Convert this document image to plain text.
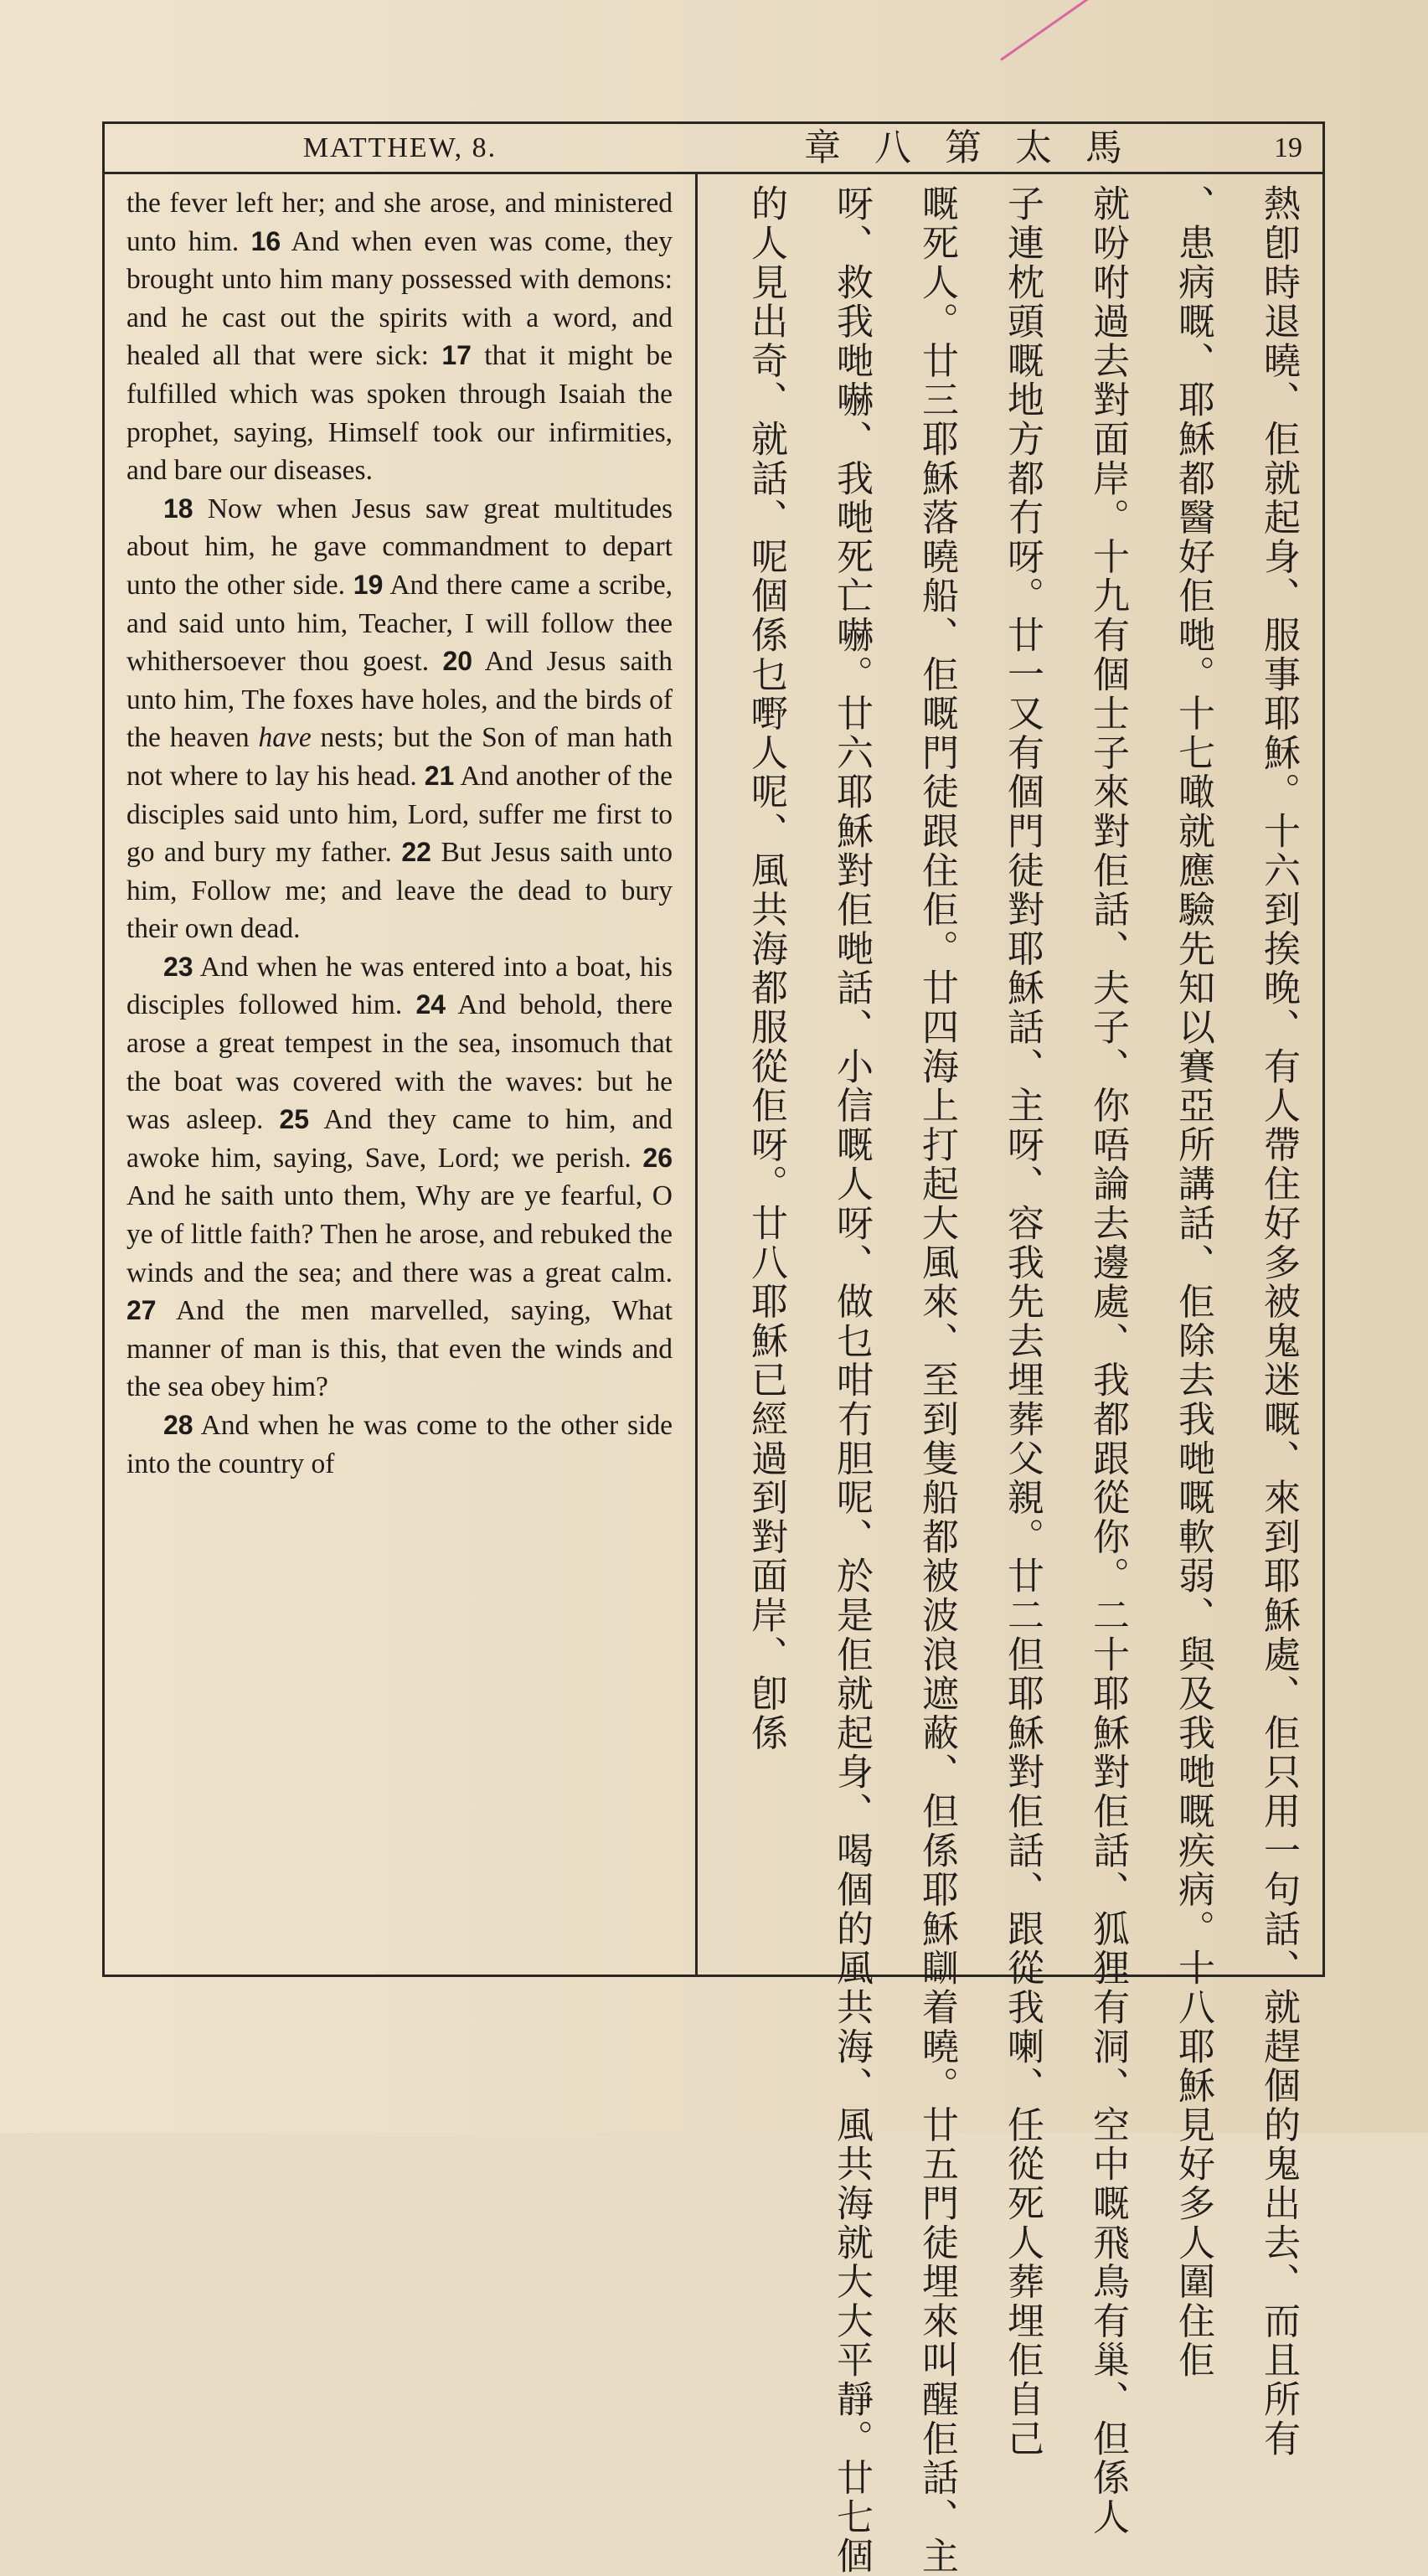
MATTHEW, 8.	章八第太馬	19

the fever left her; and she arose, and ministered unto him. 16 And when even was come, they brought unto him many possessed with demons: and he cast out the spirits with a word, and healed all that were sick: 17 that it might be fulfilled which was spoken through Isaiah the prophet, saying, Himself took our infirmities, and bare our diseases.

18 Now when Jesus saw great multitudes about him, he gave commandment to depart unto the other side. 19 And there came a scribe, and said unto him, Teacher, I will follow thee whithersoever thou goest. 20 And Jesus saith unto him, The foxes have holes, and the birds of the heaven have nests; but the Son of man hath not where to lay his head. 21 And another of the disciples said unto him, Lord, suffer me first to go and bury my father. 22 But Jesus saith unto him, Follow me; and leave the dead to bury their own dead.

23 And when he was entered into a boat, his disciples followed him. 24 And behold, there arose a great tempest in the sea, insomuch that the boat was covered with the waves: but he was asleep. 25 And they came to him, and awoke him, saying, Save, Lord; we perish. 26 And he saith unto them, Why are ye fearful, O ye of little faith? Then he arose, and rebuked the winds and the sea; and there was a great calm. 27 And the men marvelled, saying, What manner of man is this, that even the winds and the sea obey him?

28 And when he was come to the other side into the country of	熱卽時退曉、佢就起身、服事耶穌。十六到挨晚、有人帶住好多被鬼迷嘅、來到耶穌處、佢只用一句話、就趕個的鬼出去、而且所有
患病嘅、耶穌都醫好佢哋。十七噉就應驗先知以賽亞所講話、佢除去我哋嘅軟弱、與及我哋嘅疾病。十八耶穌見好多人圍住佢、
就吩咐過去對面岸。十九有個士子來對佢話、夫子、你唔論去邊處、我都跟從你。二十耶穌對佢話、狐狸有洞、空中嘅飛鳥有巢、但係人
子連枕頭嘅地方都冇呀。廿一又有個門徒對耶穌話、主呀、容我先去埋葬父親。廿二但耶穌對佢話、跟從我喇、任從死人葬埋佢自己
嘅死人。廿三耶穌落曉船、佢嘅門徒跟住佢。廿四海上打起大風來、至到隻船都被波浪遮蔽、但係耶穌瞓着曉。廿五門徒埋來叫醒佢話、主
呀、救我哋嚇、我哋死亡嚇。廿六耶穌對佢哋話、小信嘅人呀、做乜咁冇胆呢、於是佢就起身、喝個的風共海、風共海就大大平靜。廿七個
的人見出奇、就話、呢個係乜嘢人呢、風共海都服從佢呀。廿八耶穌已經過到對面岸、卽係
